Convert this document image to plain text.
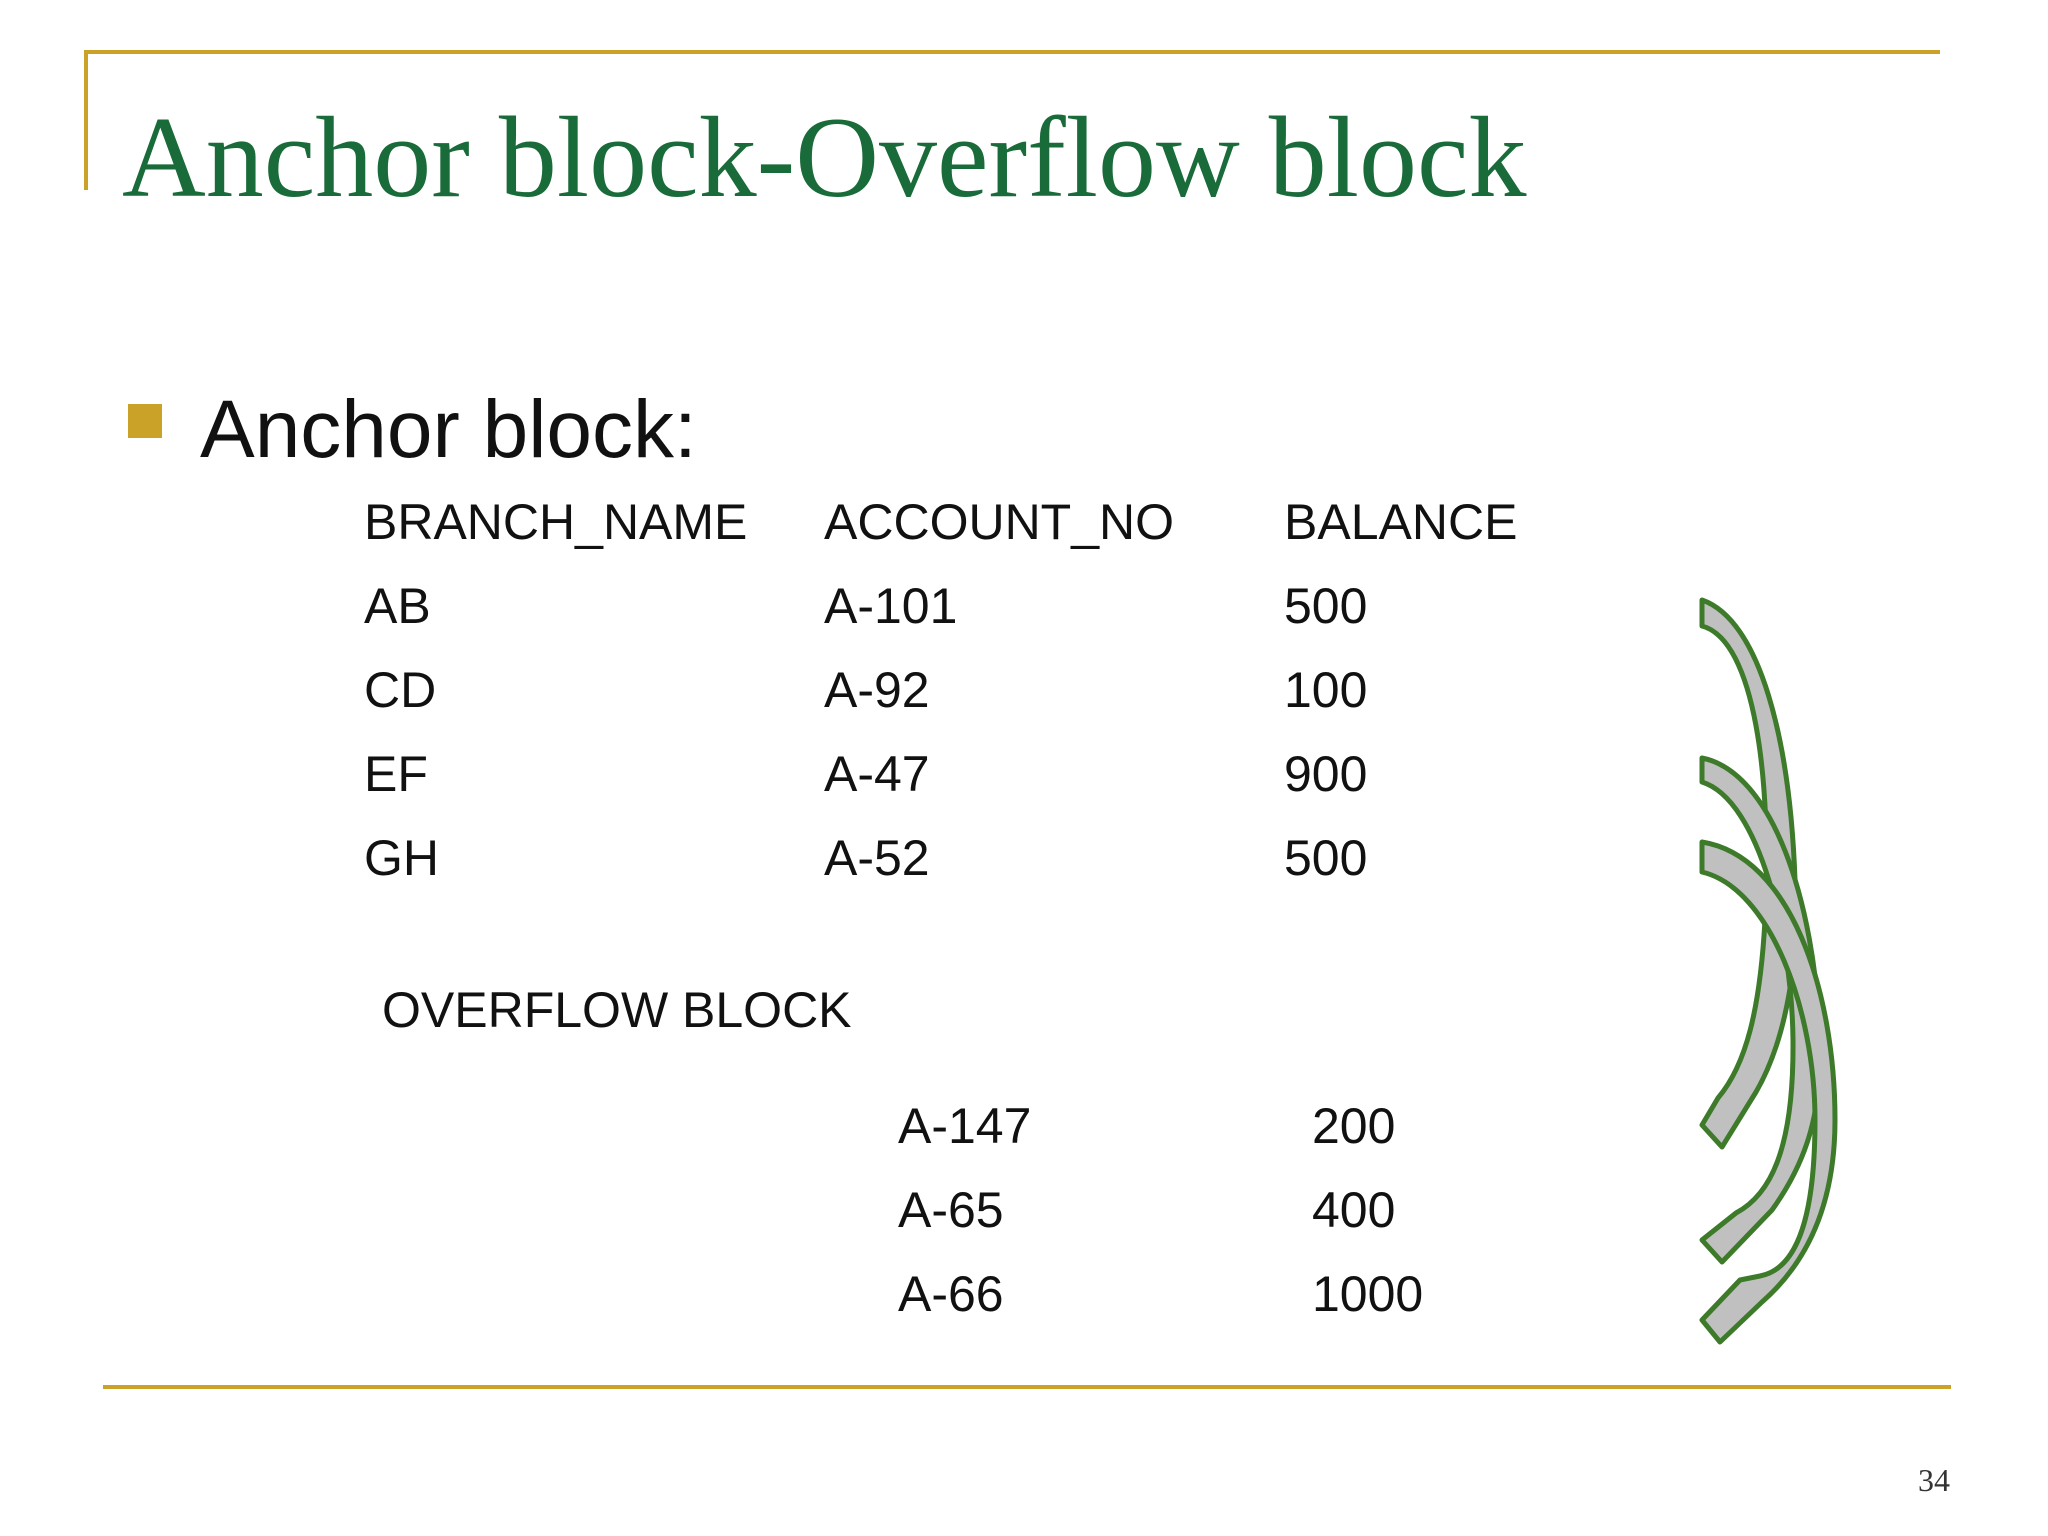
Anchor block-Overflow block
Anchor block:
BRANCH_NAME ACCOUNT_NO BALANCE
AB	A-101	500
CD	A-92	100
EF	A-47	900
GH	A-52	500
OVERFLOW BLOCK
A-147	200
A-65	400
A-66	1000
34
